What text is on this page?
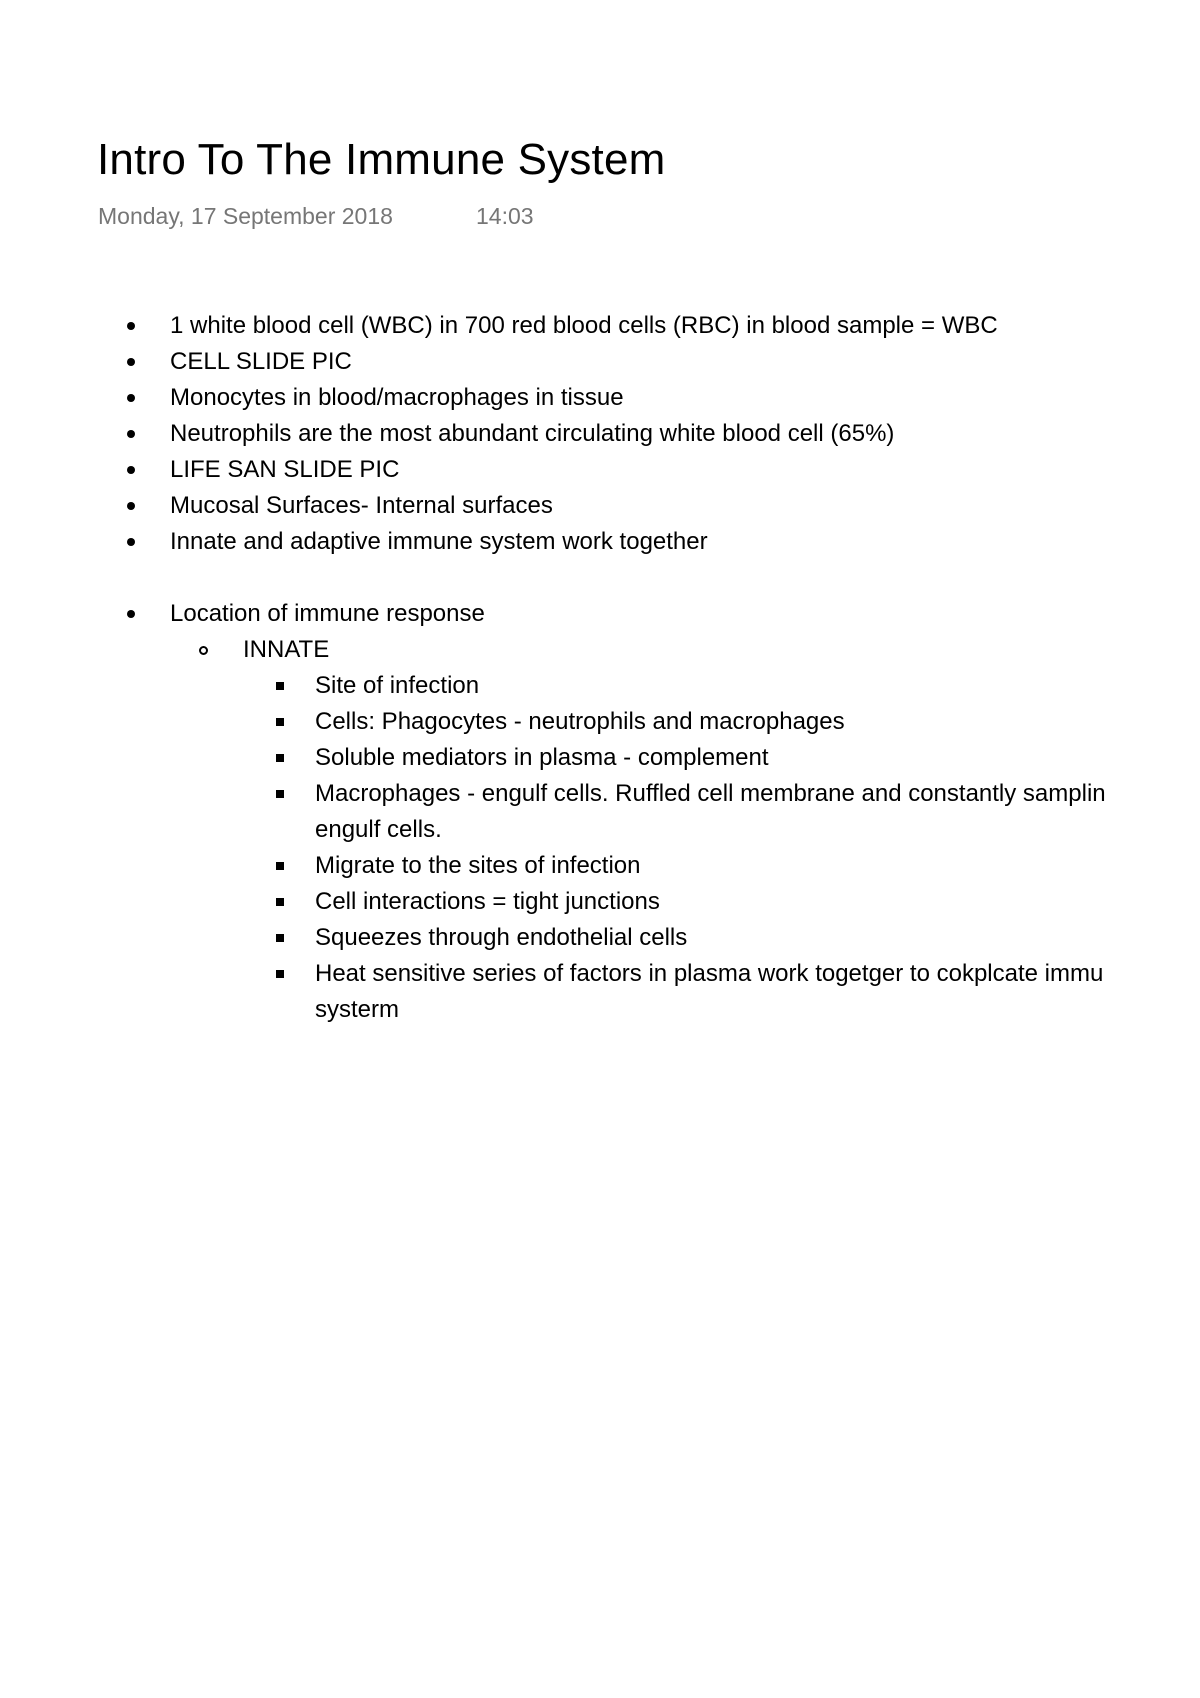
Intro To The Immune System
Monday, 17 September 2018	14:03
1 white blood cell (WBC) in 700 red blood cells (RBC) in blood sample = WBC
CELL SLIDE PIC
Monocytes in blood/macrophages in tissue
Neutrophils are the most abundant circulating white blood cell (65%)
LIFE SAN SLIDE PIC
Mucosal Surfaces- Internal surfaces
Innate and adaptive immune system work together
Location of immune response
INNATE
Site of infection
Cells: Phagocytes - neutrophils and macrophages
Soluble mediators in plasma - complement
Macrophages - engulf cells. Ruffled cell membrane and constantly samplin
engulf cells.
Migrate to the sites of infection
Cell interactions = tight junctions
Squeezes through endothelial cells
Heat sensitive series of factors in plasma work togetger to cokplcate immu
systerm
